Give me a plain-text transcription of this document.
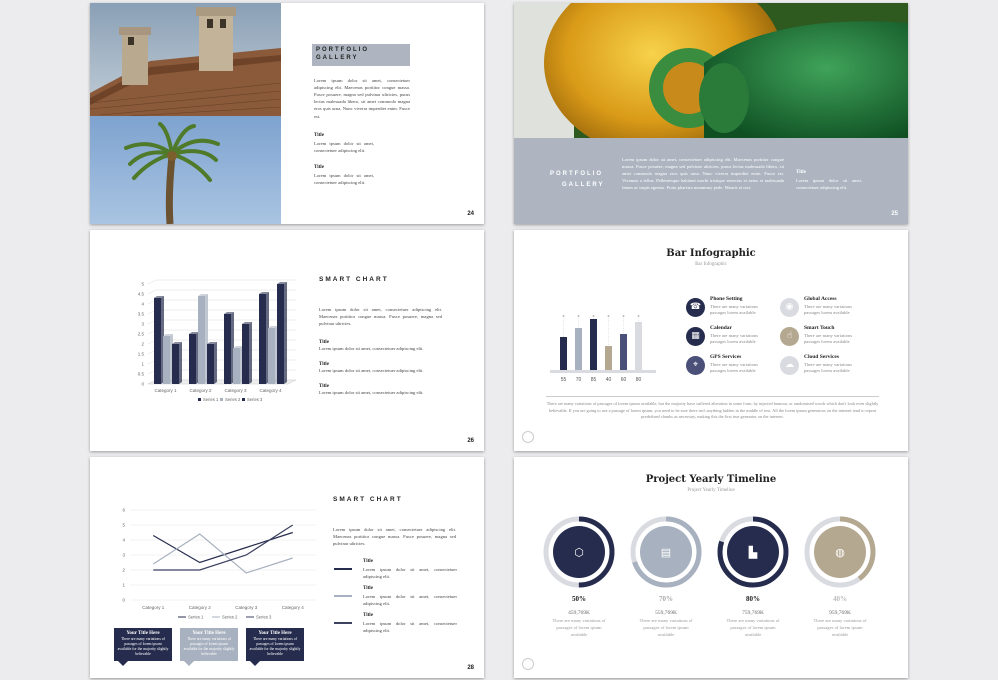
PORTFOLIO
GALLERY
Lorem ipsum dolor sit amet, consectetuer adipiscing elit. Maecenas porttitor congue massa. Fusce posuere, magna sed pulvinar ultricies, purus lectus malesuada libero, sit amet commodo magna eros quis urna. Nunc viverra imperdiet enim. Fusce est.
Title
Lorem ipsum dolor sit amet, consectetuer adipiscing elit.
Title
Lorem ipsum dolor sit amet, consectetuer adipiscing elit.
24
PORTFOLIO
GALLERY
Lorem ipsum dolor sit amet, consectetuer adipiscing elit. Maecenas porttitor congue massa. Fusce posuere, magna sed pulvinar ultricies, purus lectus malesuada libero, sit amet commodo magna eros quis urna. Nunc viverra imperdiet enim. Fusce est. Vivamus a tellus. Pellentesque habitant morbi tristique senectus et netus et malesuada fames ac turpis egestas. Proin pharetra nonummy pede. Mauris et orci.
Title
Lorem ipsum dolor sit amet, consectetuer adipiscing elit.
25
0
0.5
1
1.5
2
2.5
3
3.5
4
4.5
5
Category 1	Category 2	Category 3	Category 4
Series 1 Series 2 Series 3
SMART CHART
Lorem ipsum dolor sit amet, consectetuer adipiscing elit. Maecenas porttitor congue massa. Fusce posuere, magna sed pulvinar ultricies.
Title
Lorem ipsum dolor sit amet, consectetuer adipiscing elit.
Title
Lorem ipsum dolor sit amet, consectetuer adipiscing elit.
Title
Lorem ipsum dolor sit amet, consectetuer adipiscing elit.
26
Bar Infographic
Bar Infographic
55 70 85 40 60 80
☎
Phone Setting
There are many variations
passages lorem available
◉
Global Access
There are many variations
passages lorem available
▦
Calendar
There are many variations
passages lorem available
☝
Smart Touch
There are many variations
passages lorem available
⌖
GPS Services
There are many variations
passages lorem available
☁
Cloud Services
There are many variations
passages lorem available
There are many variations of passages of lorem ipsum available, but the majority have suffered alteration in some form, by injected humour, or randomised words which don't look even slightly believable. If you are going to use a passage of lorem ipsum, you need to be sure there isn't anything hidden in the middle of text. All the lorem ipsum generators on the internet tend to repeat predefined chunks as necessary, making this the first true generator on the internet.
0
1
2
3
4
5
6
Category 1	Category 2	Category 3	Category 4
Series 1	Series 2	Series 3
SMART CHART
Lorem ipsum dolor sit amet, consectetuer adipiscing elit. Maecenas porttitor congue massa. Fusce posuere, magna sed pulvinar ultricies.
Title
Lorem ipsum dolor sit amet, consectetuer adipiscing elit.
Title
Lorem ipsum dolor sit amet, consectetuer adipiscing elit.
Title
Lorem ipsum dolor sit amet, consectetuer adipiscing elit.
Your Title Here
There are many variations of passages of lorem ipsum available for the majority slightly believable
Your Title Here
There are many variations of passages of lorem ipsum available for the majority slightly believable
Your Title Here
There are many variations of passages of lorem ipsum available for the majority slightly believable
28
Project Yearly Timeline
Project Yearly Timeline
⬡
50%
459,769K
There are many variations of passages of lorem ipsum available
▤
70%
559,769K
There are many variations of passages of lorem ipsum available
▙
80%
759,769K
There are many variations of passages of lorem ipsum available
◍
40%
959,769K
There are many variations of passages of lorem ipsum available
